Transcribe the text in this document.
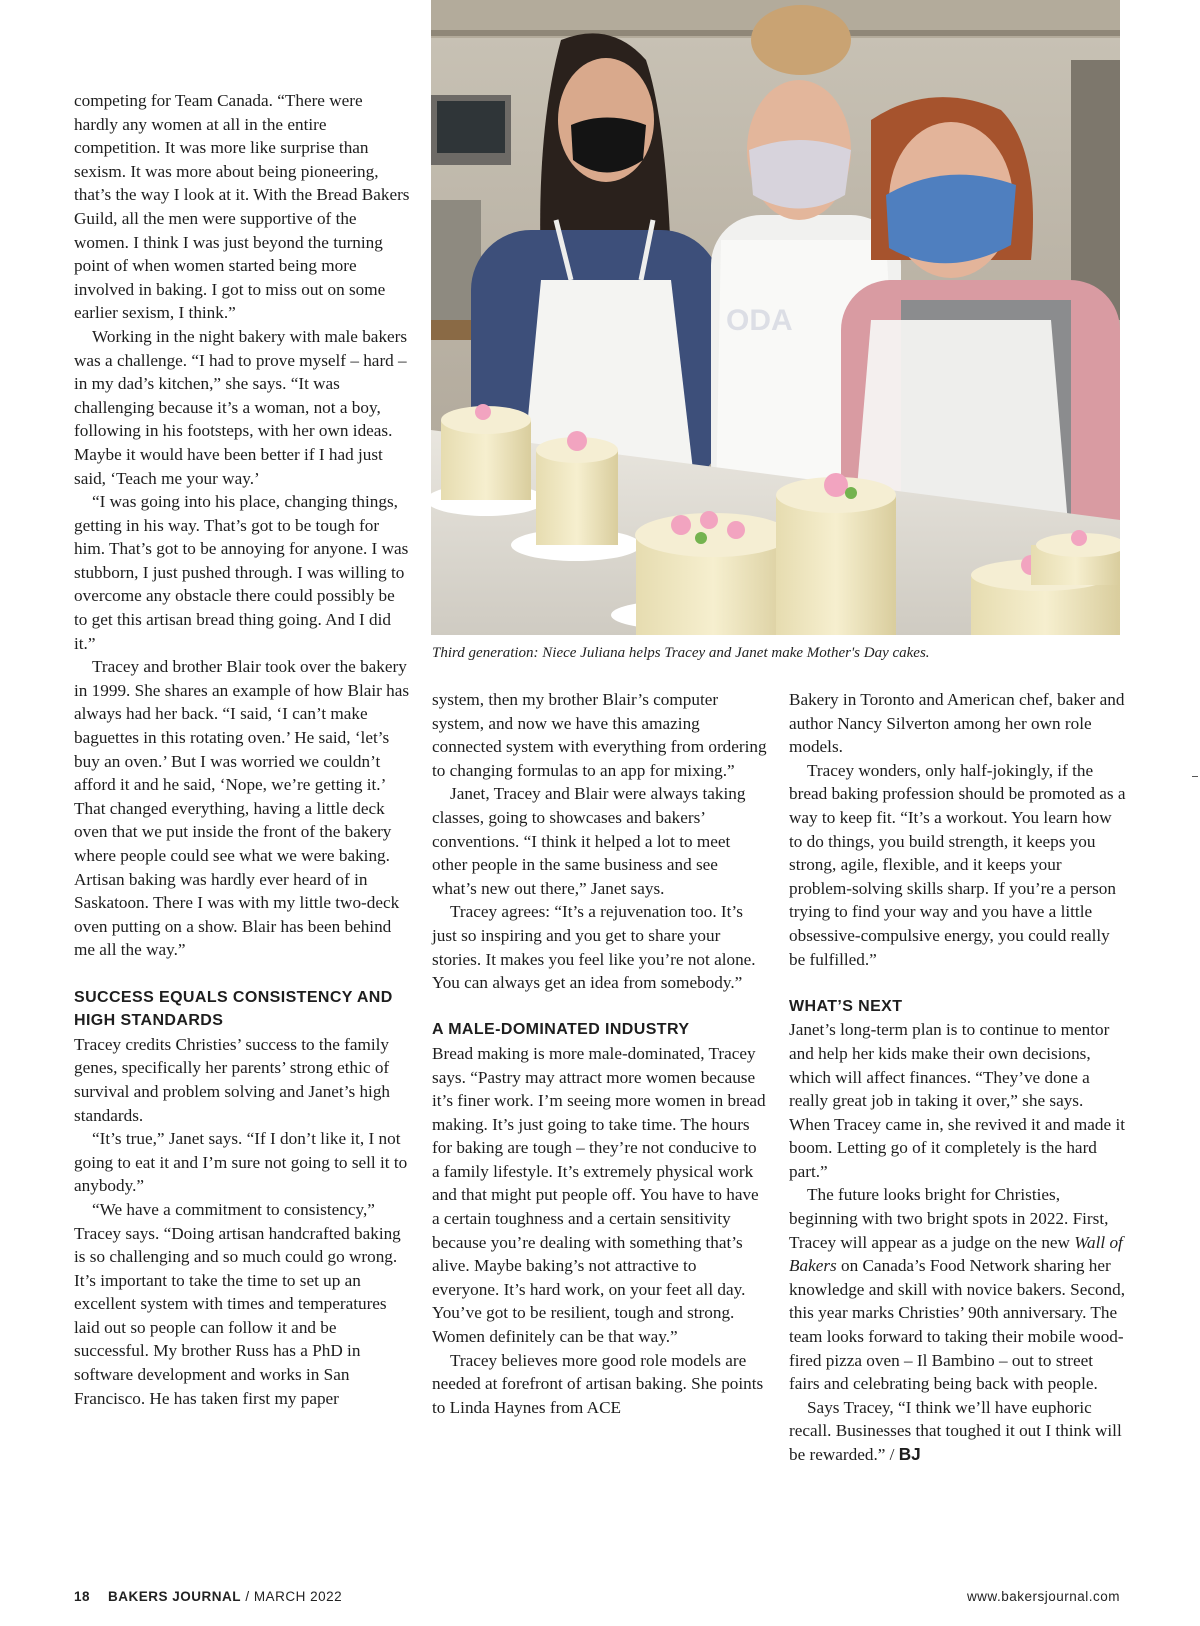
Third generation: Niece Juliana helps Tracey and Janet make Mother's Day cakes.

competing for Team Canada. “There were hardly any women at all in the entire competition. It was more like surprise than sexism. It was more about being pioneering, that’s the way I look at it. With the Bread Bakers Guild, all the men were supportive of the women. I think I was just beyond the turning point of when women started being more involved in baking. I got to miss out on some earlier sexism, I think.”

Working in the night bakery with male bakers was a challenge. “I had to prove myself – hard – in my dad’s kitchen,” she says. “It was challenging because it’s a woman, not a boy, following in his footsteps, with her own ideas. Maybe it would have been better if I had just said, ‘Teach me your way.’

“I was going into his place, changing things, getting in his way. That’s got to be tough for him. That’s got to be annoying for anyone. I was stubborn, I just pushed through. I was willing to overcome any obstacle there could possibly be to get this artisan bread thing going. And I did it.”

Tracey and brother Blair took over the bakery in 1999. She shares an example of how Blair has always had her back. “I said, ‘I can’t make baguettes in this rotating oven.’ He said, ‘let’s buy an oven.’ But I was worried we couldn’t afford it and he said, ‘Nope, we’re getting it.’ That changed everything, having a little deck oven that we put inside the front of the bakery where people could see what we were baking. Artisan baking was hardly ever heard of in Saskatoon. There I was with my little two-deck oven putting on a show. Blair has been behind me all the way.”

SUCCESS EQUALS CONSISTENCY AND HIGH STANDARDS

Tracey credits Christies’ success to the family genes, specifically her parents’ strong ethic of survival and problem solving and Janet’s high standards.

“It’s true,” Janet says. “If I don’t like it, I not going to eat it and I’m sure not going to sell it to anybody.”

“We have a commitment to consistency,” Tracey says. “Doing artisan handcrafted baking is so challenging and so much could go wrong. It’s important to take the time to set up an excellent system with times and temperatures laid out so people can follow it and be successful. My brother Russ has a PhD in software development and works in San Francisco. He has taken first my paper

system, then my brother Blair’s computer system, and now we have this amazing connected system with everything from ordering to changing formulas to an app for mixing.”

Janet, Tracey and Blair were always taking classes, going to showcases and bakers’ conventions. “I think it helped a lot to meet other people in the same business and see what’s new out there,” Janet says.

Tracey agrees: “It’s a rejuvenation too. It’s just so inspiring and you get to share your stories. It makes you feel like you’re not alone. You can always get an idea from somebody.”

A MALE-DOMINATED INDUSTRY

Bread making is more male-dominated, Tracey says. “Pastry may attract more women because it’s finer work. I’m seeing more women in bread making. It’s just going to take time. The hours for baking are tough – they’re not conducive to a family lifestyle. It’s extremely physical work and that might put people off. You have to have a certain toughness and a certain sensitivity because you’re dealing with something that’s alive. Maybe baking’s not attractive to everyone. It’s hard work, on your feet all day. You’ve got to be resilient, tough and strong. Women definitely can be that way.”

Tracey believes more good role models are needed at forefront of artisan baking. She points to Linda Haynes from ACE

Bakery in Toronto and American chef, baker and author Nancy Silverton among her own role models.

Tracey wonders, only half-jokingly, if the bread baking profession should be promoted as a way to keep fit. “It’s a workout. You learn how to do things, you build strength, it keeps you strong, agile, flexible, and it keeps your problem-solving skills sharp. If you’re a person trying to find your way and you have a little obsessive-compulsive energy, you could really be fulfilled.”

WHAT’S NEXT

Janet’s long-term plan is to continue to mentor and help her kids make their own decisions, which will affect finances. “They’ve done a really great job in taking it over,” she says. When Tracey came in, she revived it and made it boom. Letting go of it completely is the hard part.”

The future looks bright for Christies, beginning with two bright spots in 2022. First, Tracey will appear as a judge on the new Wall of Bakers on Canada’s Food Network sharing her knowledge and skill with novice bakers. Second, this year marks Christies’ 90th anniversary. The team looks forward to taking their mobile wood-fired pizza oven – Il Bambino – out to street fairs and celebrating being back with people.

Says Tracey, “I think we’ll have euphoric recall. Businesses that toughed it out I think will be rewarded.” / BJ

18 BAKERS JOURNAL / MARCH 2022	www.bakersjournal.com
